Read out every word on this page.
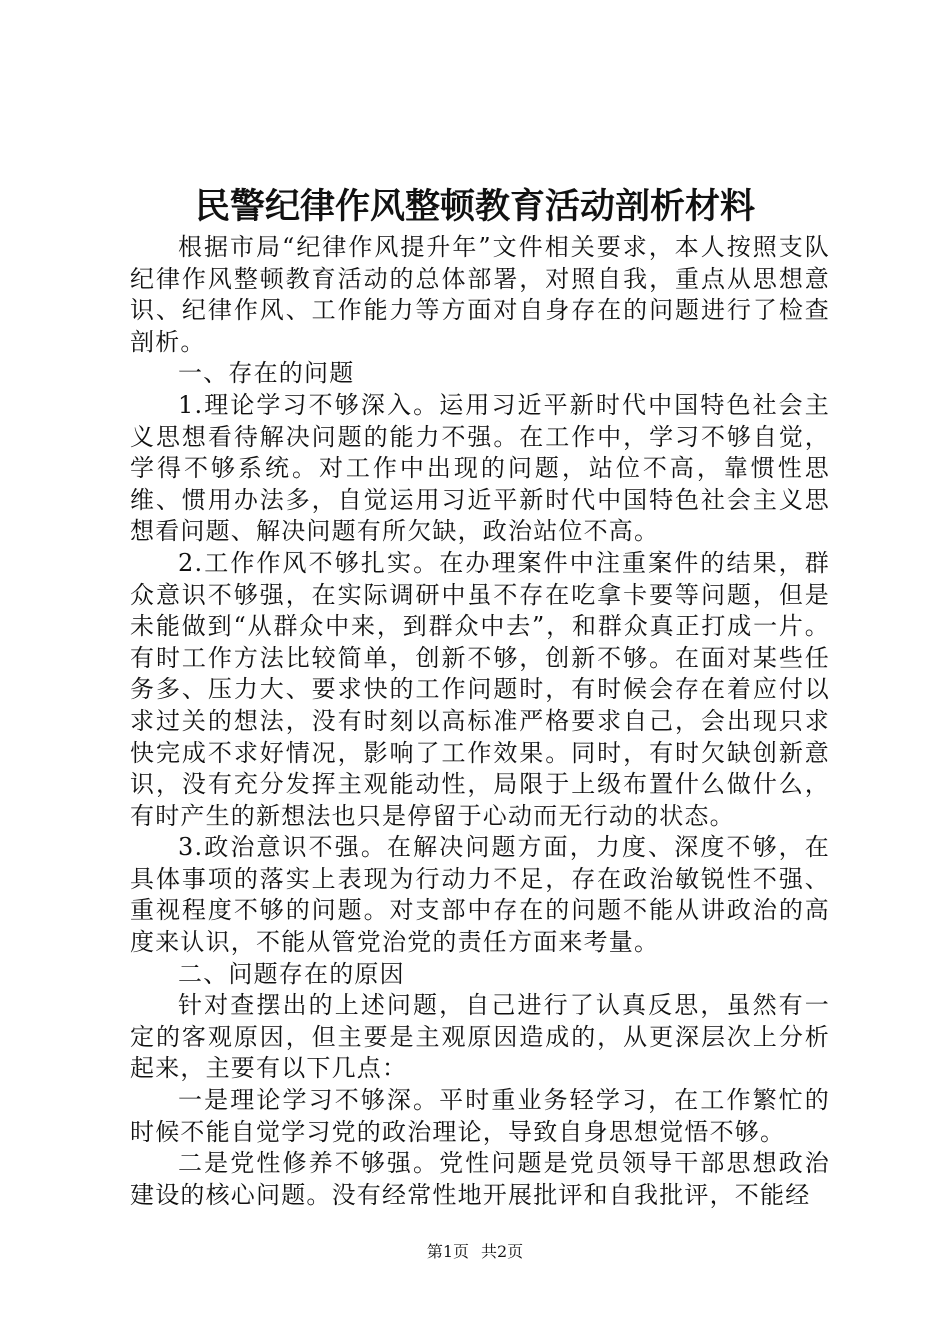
民警纪律作风整顿教育活动剖析材料

根据市局“纪律作风提升年”文件相关要求，本人按照支队纪律作风整顿教育活动的总体部署，对照自我，重点从思想意识、纪律作风、工作能力等方面对自身存在的问题进行了检查剖析。

一、存在的问题

1.理论学习不够深入。运用习近平新时代中国特色社会主义思想看待解决问题的能力不强。在工作中，学习不够自觉，学得不够系统。对工作中出现的问题，站位不高，靠惯性思维、惯用办法多，自觉运用习近平新时代中国特色社会主义思想看问题、解决问题有所欠缺，政治站位不高。

2.工作作风不够扎实。在办理案件中注重案件的结果，群众意识不够强，在实际调研中虽不存在吃拿卡要等问题，但是未能做到“从群众中来，到群众中去”，和群众真正打成一片。有时工作方法比较简单，创新不够，创新不够。在面对某些任务多、压力大、要求快的工作问题时，有时候会存在着应付以求过关的想法，没有时刻以高标准严格要求自己，会出现只求快完成不求好情况，影响了工作效果。同时，有时欠缺创新意识，没有充分发挥主观能动性，局限于上级布置什么做什么，有时产生的新想法也只是停留于心动而无行动的状态。

3.政治意识不强。在解决问题方面，力度、深度不够，在具体事项的落实上表现为行动力不足，存在政治敏锐性不强、重视程度不够的问题。对支部中存在的问题不能从讲政治的高度来认识，不能从管党治党的责任方面来考量。

二、问题存在的原因

针对查摆出的上述问题，自己进行了认真反思，虽然有一定的客观原因，但主要是主观原因造成的，从更深层次上分析起来，主要有以下几点：

一是理论学习不够深。平时重业务轻学习，在工作繁忙的时候不能自觉学习党的政治理论，导致自身思想觉悟不够。

二是党性修养不够强。党性问题是党员领导干部思想政治建设的核心问题。没有经常性地开展批评和自我批评，不能经

第1页 共2页
